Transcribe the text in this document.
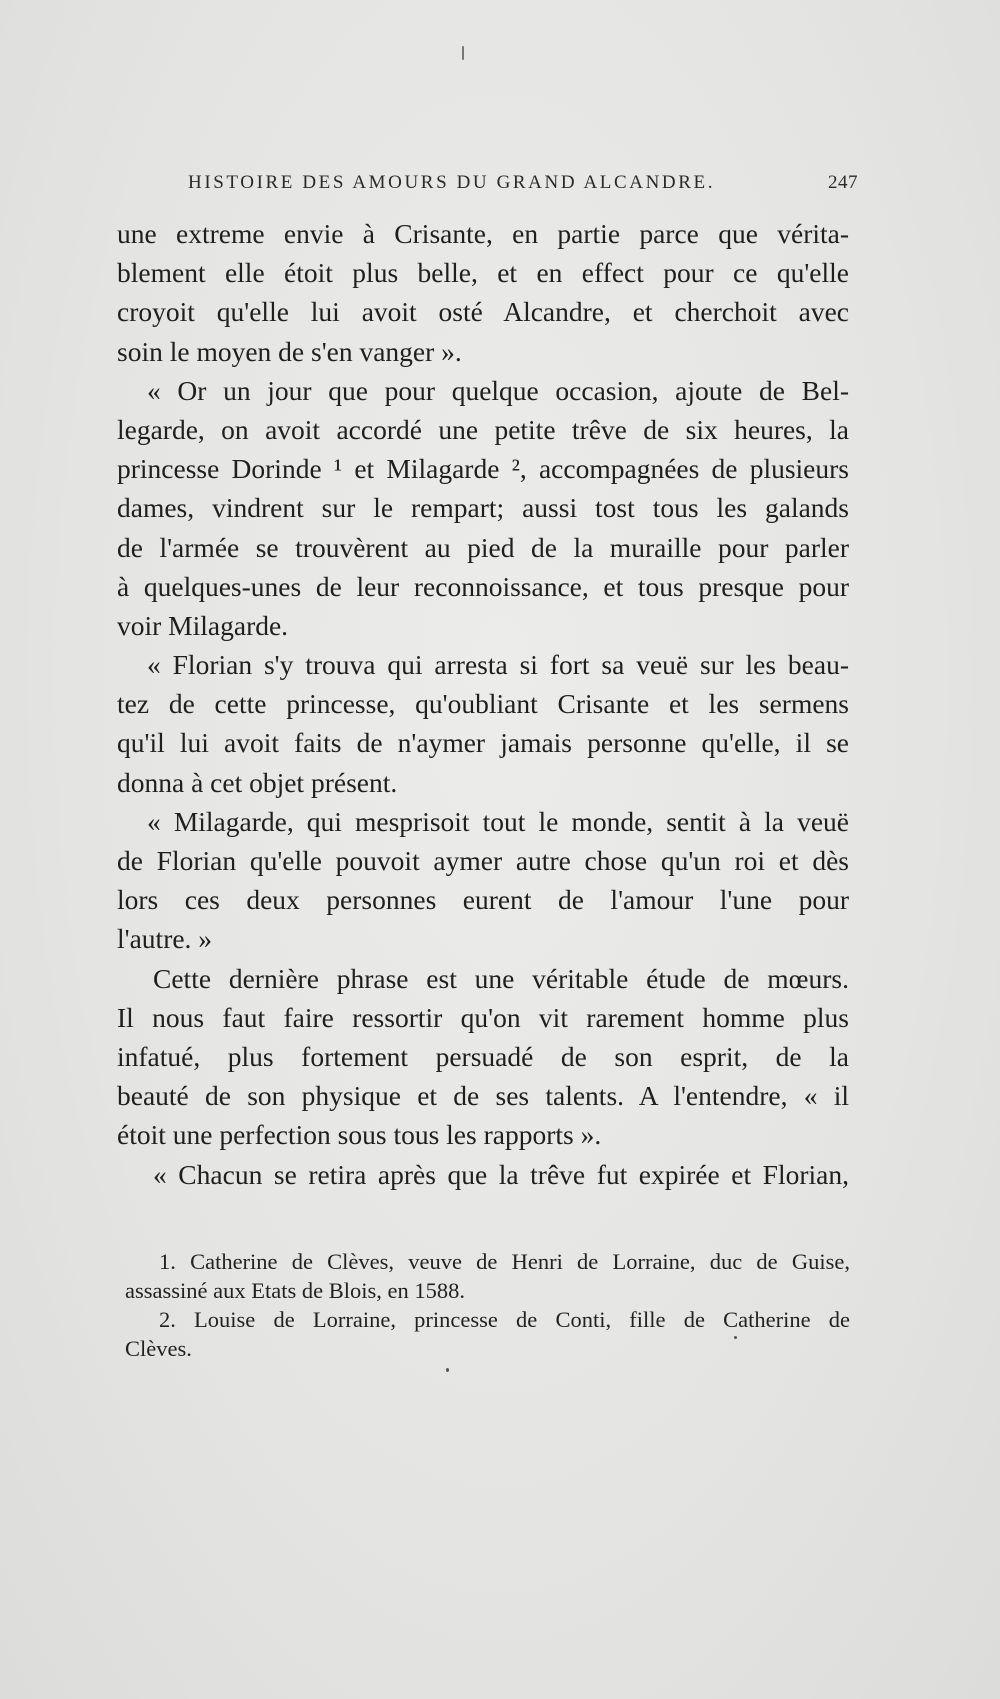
HISTOIRE DES AMOURS DU GRAND ALCANDRE.	247
une extreme envie à Crisante, en partie parce que vérita-
blement elle étoit plus belle, et en effect pour ce qu'elle
croyoit qu'elle lui avoit osté Alcandre, et cherchoit avec
soin le moyen de s'en vanger ».
« Or un jour que pour quelque occasion, ajoute de Bel-
legarde, on avoit accordé une petite trêve de six heures, la
princesse Dorinde ¹ et Milagarde ², accompagnées de plusieurs
dames, vindrent sur le rempart; aussi tost tous les galands
de l'armée se trouvèrent au pied de la muraille pour parler
à quelques-unes de leur reconnoissance, et tous presque pour
voir Milagarde.
« Florian s'y trouva qui arresta si fort sa veuë sur les beau-
tez de cette princesse, qu'oubliant Crisante et les sermens
qu'il lui avoit faits de n'aymer jamais personne qu'elle, il se
donna à cet objet présent.
« Milagarde, qui mesprisoit tout le monde, sentit à la veuë
de Florian qu'elle pouvoit aymer autre chose qu'un roi et dès
lors ces deux personnes eurent de l'amour l'une pour
l'autre. »
Cette dernière phrase est une véritable étude de mœurs.
Il nous faut faire ressortir qu'on vit rarement homme plus
infatué, plus fortement persuadé de son esprit, de la
beauté de son physique et de ses talents. A l'entendre, « il
étoit une perfection sous tous les rapports ».
« Chacun se retira après que la trêve fut expirée et Florian,
1. Catherine de Clèves, veuve de Henri de Lorraine, duc de Guise,
assassiné aux Etats de Blois, en 1588.
2. Louise de Lorraine, princesse de Conti, fille de Catherine de
Clèves.
